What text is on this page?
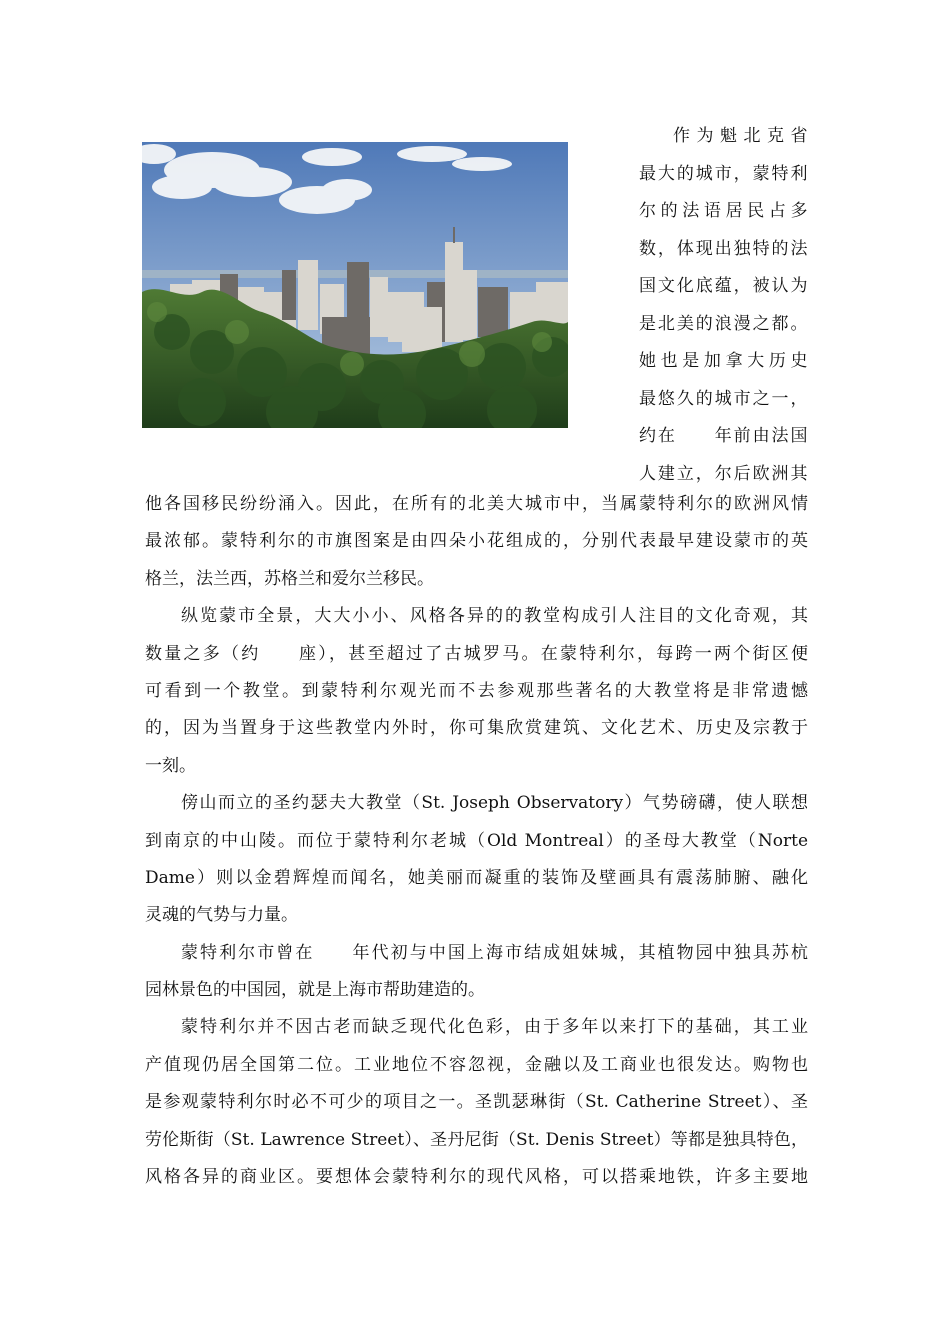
作为魁北克省
最大的城市，蒙特利
尔的法语居民占多
数，体现出独特的法
国文化底蕴，被认为
是北美的浪漫之都。
她也是加拿大历史
最悠久的城市之一，
约在　　年前由法国
人建立，尔后欧洲其

他各国移民纷纷涌入。因此，在所有的北美大城市中，当属蒙特利尔的欧洲风情
最浓郁。蒙特利尔的市旗图案是由四朵小花组成的，分别代表最早建设蒙市的英
格兰，法兰西，苏格兰和爱尔兰移民。

纵览蒙市全景，大大小小、风格各异的的教堂构成引人注目的文化奇观，其
数量之多（约　　座），甚至超过了古城罗马。在蒙特利尔，每跨一两个街区便
可看到一个教堂。到蒙特利尔观光而不去参观那些著名的大教堂将是非常遗憾
的，因为当置身于这些教堂内外时，你可集欣赏建筑、文化艺术、历史及宗教于
一刻。

傍山而立的圣约瑟夫大教堂（St. Joseph Observatory）气势磅礴，使人联想
到南京的中山陵。而位于蒙特利尔老城（Old Montreal）的圣母大教堂（Norte
Dame）则以金碧辉煌而闻名，她美丽而凝重的装饰及壁画具有震荡肺腑、融化
灵魂的气势与力量。

蒙特利尔市曾在　　年代初与中国上海市结成姐妹城，其植物园中独具苏杭
园林景色的中国园，就是上海市帮助建造的。

蒙特利尔并不因古老而缺乏现代化色彩，由于多年以来打下的基础，其工业
产值现仍居全国第二位。工业地位不容忽视，金融以及工商业也很发达。购物也
是参观蒙特利尔时必不可少的项目之一。圣凯瑟琳街（St. Catherine Street）、圣
劳伦斯街（St. Lawrence Street）、圣丹尼街（St. Denis Street）等都是独具特色，
风格各异的商业区。要想体会蒙特利尔的现代风格，可以搭乘地铁，许多主要地
